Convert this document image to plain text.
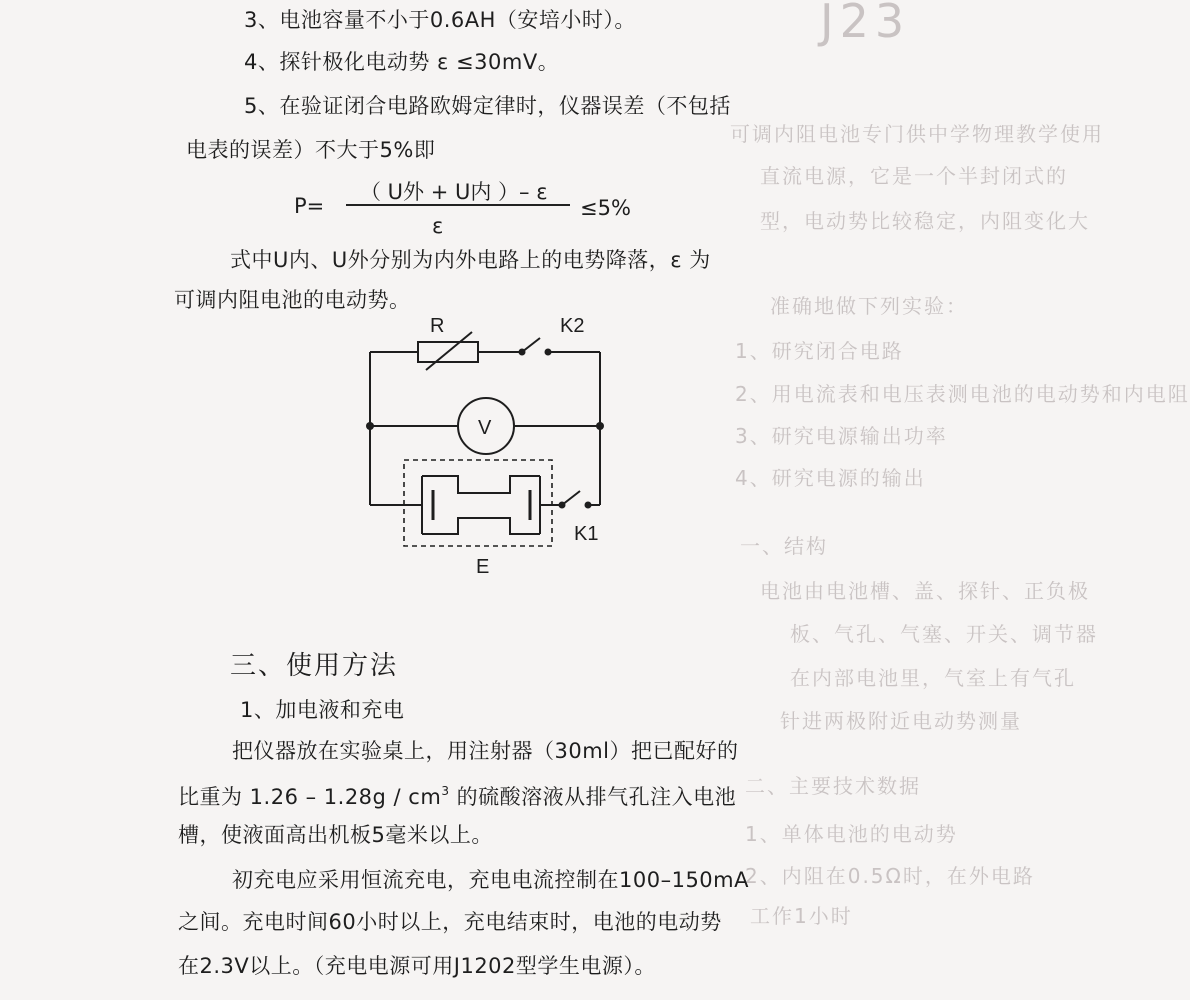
J23
可调内阻电池专门供中学物理教学使用
直流电源，它是一个半封闭式的
型，电动势比较稳定，内阻变化大
准确地做下列实验：
1、研究闭合电路
2、用电流表和电压表测电池的电动势和内电阻
3、研究电源输出功率
4、研究电源的输出
一、结构
电池由电池槽、盖、探针、正负极
板、气孔、气塞、开关、调节器
在内部电池里，气室上有气孔
针进两极附近电动势测量
二、主要技术数据
1、单体电池的电动势
2、内阻在0.5Ω时，在外电路
工作1小时
3、电池容量不小于0.6AH（安培小时）。
4、探针极化电动势 ε ≤30mV。
5、在验证闭合电路欧姆定律时，仪器误差（不包括
电表的误差）不大于5%即
P=
（ U外 + U内 ）– ε
ε
≤5%
式中U内、U外分别为内外电路上的电势降落，ε 为
可调内阻电池的电动势。
R	K2
V
K1
E
三、使用方法
1、加电液和充电
把仪器放在实验桌上，用注射器（30ml）把已配好的
比重为 $1.26 - 1.28g / cm^3$ 的硫酸溶液从排气孔注入电池
槽，使液面高出机板5毫米以上。
初充电应采用恒流充电，充电电流控制在100–150mA
之间。充电时间60小时以上，充电结束时，电池的电动势
在2.3V以上。（充电电源可用J1202型学生电源）。
